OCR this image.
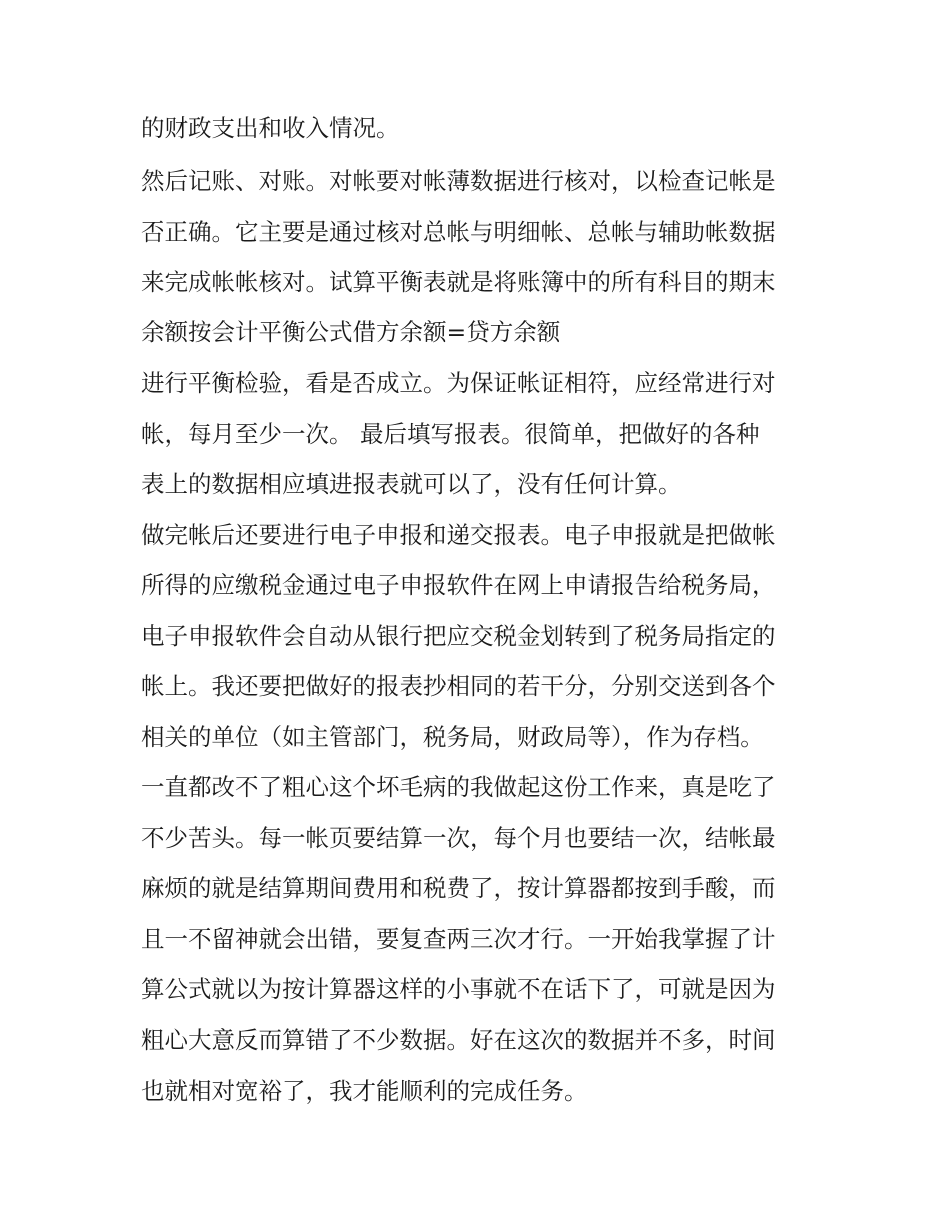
的财政支出和收入情况。
然后记账、对账。对帐要对帐薄数据进行核对，以检查记帐是
否正确。它主要是通过核对总帐与明细帐、总帐与辅助帐数据
来完成帐帐核对。试算平衡表就是将账簿中的所有科目的期末
余额按会计平衡公式借方余额=贷方余额
进行平衡检验，看是否成立。为保证帐证相符，应经常进行对
帐，每月至少一次。 最后填写报表。很简单，把做好的各种
表上的数据相应填进报表就可以了，没有任何计算。
做完帐后还要进行电子申报和递交报表。电子申报就是把做帐
所得的应缴税金通过电子申报软件在网上申请报告给税务局，
电子申报软件会自动从银行把应交税金划转到了税务局指定的
帐上。我还要把做好的报表抄相同的若干分，分别交送到各个
相关的单位（如主管部门，税务局，财政局等），作为存档。
一直都改不了粗心这个坏毛病的我做起这份工作来，真是吃了
不少苦头。每一帐页要结算一次，每个月也要结一次，结帐最
麻烦的就是结算期间费用和税费了，按计算器都按到手酸，而
且一不留神就会出错，要复查两三次才行。一开始我掌握了计
算公式就以为按计算器这样的小事就不在话下了，可就是因为
粗心大意反而算错了不少数据。好在这次的数据并不多，时间
也就相对宽裕了，我才能顺利的完成任务。
